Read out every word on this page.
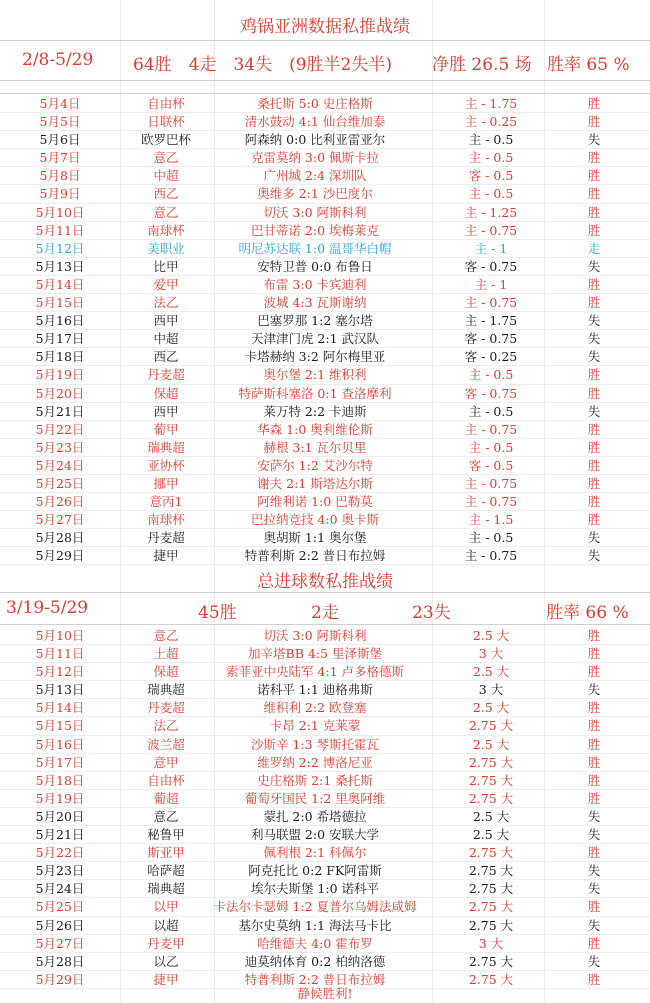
鸡锅亚洲数据私推战绩
2/8-5/29 64胜　4走　34失　(9胜半2失半) 净胜 26.5 场 胜率 65 %
5月4日	自由杯	桑托斯 5:0 史庄格斯	主 - 1.75	胜
5月5日	日联杯	清水鼓动 4:1 仙台维加泰	主 - 0.25	胜
5月6日	欧罗巴杯	阿森纳 0:0 比利亚雷亚尔	主 - 0.5	失
5月7日	意乙	克雷莫纳 3:0 佩斯卡拉	主 - 0.5	胜
5月8日	中超	广州城 2:4 深圳队	客 - 0.5	胜
5月9日	西乙	奥维多 2:1 沙巴度尔	主 - 0.5	胜
5月10日	意乙	切沃 3:0 阿斯科利	主 - 1.25	胜
5月11日	南球杯	巴甘蒂诺 2:0 埃梅莱克	主 - 0.75	胜
5月12日	美职业	明尼苏达联 1:0 温哥华白帽	主 - 1	走
5月13日	比甲	安特卫普 0:0 布鲁日	客 - 0.75	失
5月14日	爱甲	布雷 3:0 卡宾迪利	主 - 1	胜
5月15日	法乙	波城 4:3 瓦斯谢纳	主 - 0.75	胜
5月16日	西甲	巴塞罗那 1:2 塞尔塔	主 - 1.75	失
5月17日	中超	天津津门虎 2:1 武汉队	客 - 0.75	失
5月18日	西乙	卡塔赫纳 3:2 阿尔梅里亚	客 - 0.25	失
5月19日	丹麦超	奥尔堡 2:1 维积利	主 - 0.5	胜
5月20日	保超	特萨斯科塞洛 0:1 查洛摩利	客 - 0.75	胜
5月21日	西甲	莱万特 2:2 卡迪斯	主 - 0.5	失
5月22日	葡甲	华森 1:0 奥利维伦斯	主 - 0.75	胜
5月23日	瑞典超	赫根 3:1 瓦尔贝里	主 - 0.5	胜
5月24日	亚协杯	安萨尔 1:2 艾沙尔特	客 - 0.5	胜
5月25日	挪甲	谢夫 2:1 斯塔达尔斯	主 - 0.75	胜
5月26日	意丙1	阿维利诺 1:0 巴勒莫	主 - 0.75	胜
5月27日	南球杯	巴拉纳竞技 4:0 奥卡斯	主 - 1.5	胜
5月28日	丹麦超	奥胡斯 1:1 奥尔堡	主 - 0.5	失
5月29日	捷甲	特普利斯 2:2 普日布拉姆	主 - 0.75	失
总进球数私推战绩
3/19-5/29	45胜	2走	23失	胜率 66 %
5月10日	意乙	切沃 3:0 阿斯科利	2.5 大	胜
5月11日	土超	加辛塔BB 4:5 里泽斯堡	3 大	胜
5月12日	保超	索菲亚中央陆军 4:1 卢多格德斯	2.5 大	胜
5月13日	瑞典超	诺科平 1:1 迪格弗斯	3 大	失
5月14日	丹麦超	维积利 2:2 欧登塞	2.5 大	胜
5月15日	法乙	卡昂 2:1 克莱蒙	2.75 大	胜
5月16日	波兰超	沙斯辛 1:3 琴斯托霍瓦	2.5 大	胜
5月17日	意甲	维罗纳 2:2 博洛尼亚	2.75 大	胜
5月18日	自由杯	史庄格斯 2:1 桑托斯	2.75 大	胜
5月19日	葡超	葡萄牙国民 1:2 里奥阿维	2.75 大	胜
5月20日	意乙	蒙扎 2:0 希塔德拉	2.5 大	失
5月21日	秘鲁甲	利马联盟 2:0 安联大学	2.5 大	失
5月22日	斯亚甲	佩利根 2:1 科佩尔	2.75 大	胜
5月23日	哈萨超	阿克托比 0:2 FK阿雷斯	2.75 大	失
5月24日	瑞典超	埃尔夫斯堡 1:0 诺科平	2.75 大	失
5月25日	以甲	卡法尔卡瑟姆 1:2 夏普尔乌姆法咸姆	2.75 大	胜
5月26日	以超	基尔史莫纳 1:1 海法马卡比	2.75 大	失
5月27日	丹麦甲	哈维德夫 4:0 霍布罗	3 大	胜
5月28日	以乙	迪莫纳体育 0:2 柏纳洛德	2.75 大	失
5月29日	捷甲	特普利斯 2:2 普日布拉姆	2.75 大	胜
静候胜利!
